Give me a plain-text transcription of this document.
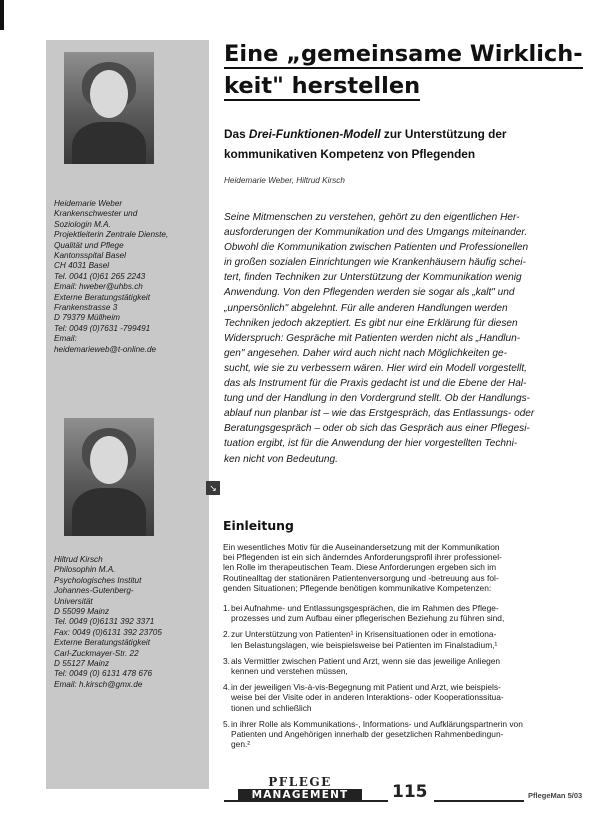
Heidemarie Weber
Krankenschwester und
Soziologin M.A.
Projektleiterin Zentrale Dienste,
Qualität und Pflege
Kantonsspital Basel
CH 4031 Basel
Tel. 0041 (0)61 265 2243
Email: hweber@uhbs.ch
Externe Beratungstätigkeit
Frankenstrasse 3
D 79379 Müllheim
Tel: 0049 (0)7631 -799491
Email:
heidemarieweb@t-online.de
Hiltrud Kirsch
Philosophin M.A.
Psychologisches Institut
Johannes-Gutenberg-
Universität
D 55099 Mainz
Tel. 0049 (0)6131 392 3371
Fax: 0049 (0)6131 392 23705
Externe Beratungstätigkeit
Carl-Zuckmayer-Str. 22
D 55127 Mainz
Tel: 0049 (0) 6131 478 676
Email: h.kirsch@gmx.de
Eine „gemeinsame Wirklich-
keit" herstellen
Das Drei-Funktionen-Modell zur Unterstützung der
kommunikativen Kompetenz von Pflegenden
Heidemarie Weber, Hiltrud Kirsch
Seine Mitmenschen zu verstehen, gehört zu den eigentlichen Her-
ausforderungen der Kommunikation und des Umgangs miteinander.
Obwohl die Kommunikation zwischen Patienten und Professionellen
in großen sozialen Einrichtungen wie Krankenhäusern häufig schei-
tert, finden Techniken zur Unterstützung der Kommunikation wenig
Anwendung. Von den Pflegenden werden sie sogar als „kalt" und
„unpersönlich" abgelehnt. Für alle anderen Handlungen werden
Techniken jedoch akzeptiert. Es gibt nur eine Erklärung für diesen
Widerspruch: Gespräche mit Patienten werden nicht als „Handlun-
gen" angesehen. Daher wird auch nicht nach Möglichkeiten ge-
sucht, wie sie zu verbessern wären. Hier wird ein Modell vorgestellt,
das als Instrument für die Praxis gedacht ist und die Ebene der Hal-
tung und der Handlung in den Vordergrund stellt. Ob der Handlungs-
ablauf nun planbar ist – wie das Erstgespräch, das Entlassungs- oder
Beratungsgespräch – oder ob sich das Gespräch aus einer Pflegesi-
tuation ergibt, ist für die Anwendung der hier vorgestellten Techni-
ken nicht von Bedeutung.
↘
Einleitung
Ein wesentliches Motiv für die Auseinandersetzung mit der Kommunikation
bei Pflegenden ist ein sich änderndes Anforderungsprofil ihrer professionel-
len Rolle im therapeutischen Team. Diese Anforderungen ergeben sich im
Routinealltag der stationären Patientenversorgung und -betreuung aus fol-
genden Situationen; Pflegende benötigen kommunikative Kompetenzen:
1.bei Aufnahme- und Entlassungsgesprächen, die im Rahmen des Pflege-
prozesses und zum Aufbau einer pflegerischen Beziehung zu führen sind,
2.zur Unterstützung von Patienten¹ in Krisensituationen oder in emotiona-
len Belastungslagen, wie beispielsweise bei Patienten im Finalstadium,¹
3.als Vermittler zwischen Patient und Arzt, wenn sie das jeweilige Anliegen
kennen und verstehen müssen,
4.in der jeweiligen Vis-à-vis-Begegnung mit Patient und Arzt, wie beispiels-
weise bei der Visite oder in anderen Interaktions- oder Kooperationssitua-
tionen und schließlich
5.in ihrer Rolle als Kommunikations-, Informations- und Aufklärungspartnerin von
Patienten und Angehörigen innerhalb der gesetzlichen Rahmenbedingun-
gen.²
PFLEGE
MANAGEMENT	115	PflegeMan 5/03
